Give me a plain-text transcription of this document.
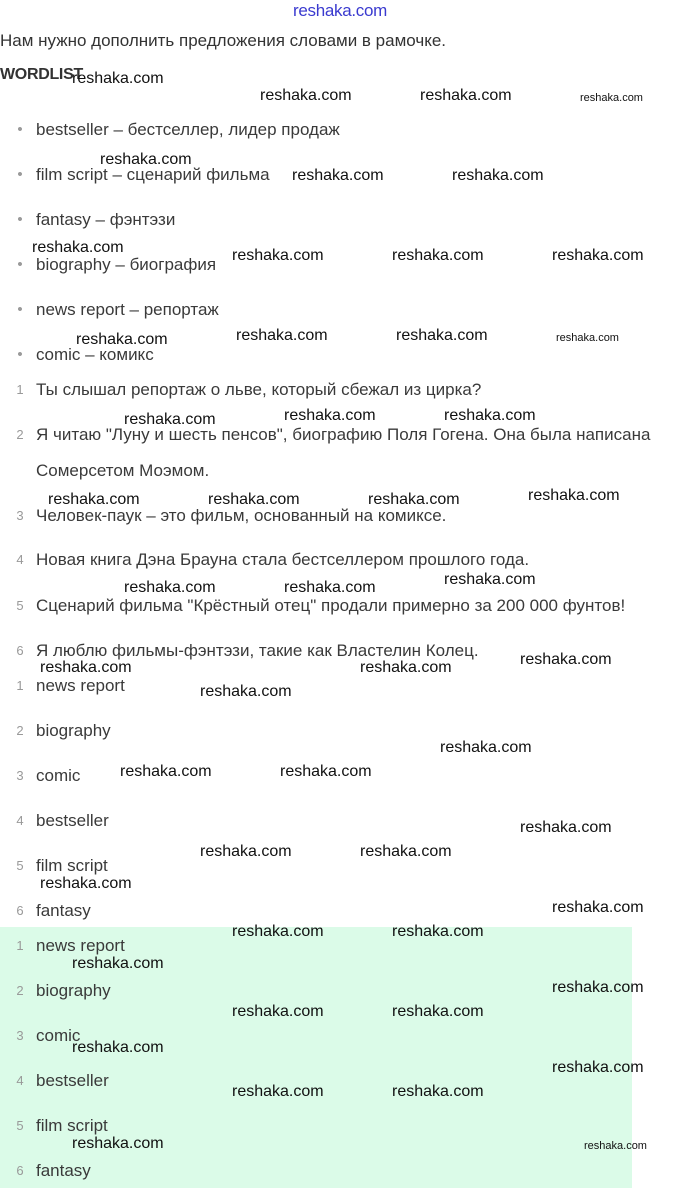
reshaka.com
Нам нужно дополнить предложения словами в рамочке.
WORDLIST
• bestseller – бестселлер, лидер продаж
• film script – сценарий фильма
• fantasy – фэнтэзи
• biography – биография
• news report – репортаж
• comic – комикс
1 Ты слышал репортаж о льве, который сбежал из цирка?
2 Я читаю "Луну и шесть пенсов", биографию Поля Гогена. Она была написана
Сомерсетом Моэмом.
3 Человек-паук – это фильм, основанный на комиксе.
4 Новая книга Дэна Брауна стала бестселлером прошлого года.
5 Сценарий фильма "Крёстный отец" продали примерно за 200 000 фунтов!
6 Я люблю фильмы-фэнтэзи, такие как Властелин Колец.
1 news report
2 biography
3 comic
4 bestseller
5 film script
6 fantasy
1 news report
2 biography
3 comic
4 bestseller
5 film script
6 fantasy
reshaka.com
reshaka.com	reshaka.com	reshaka.com
reshaka.com
reshaka.com	reshaka.com
reshaka.com	reshaka.com	reshaka.com	reshaka.com
reshaka.com	reshaka.com	reshaka.com	reshaka.com
reshaka.com	reshaka.com	reshaka.com
reshaka.com	reshaka.com	reshaka.com	reshaka.com
reshaka.com	reshaka.com	reshaka.com
reshaka.com	reshaka.com	reshaka.com
reshaka.com
reshaka.com
reshaka.com	reshaka.com
reshaka.com
reshaka.com	reshaka.com
reshaka.com
reshaka.com
reshaka.com	reshaka.com
reshaka.com
reshaka.com
reshaka.com	reshaka.com
reshaka.com
reshaka.com
reshaka.com	reshaka.com
reshaka.com	reshaka.com
